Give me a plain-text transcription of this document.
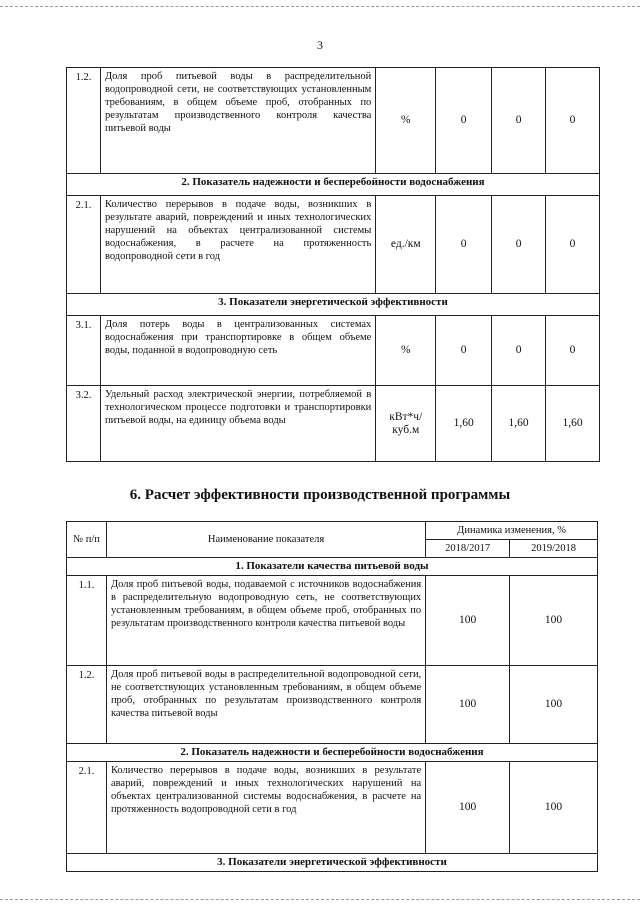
3
1.2.	Доля проб питьевой воды в распределительной водопроводной сети, не соответствующих установленным требованиям, в общем объеме проб, отобранных по результатам производственного контроля качества питьевой воды	%	0	0	0
2. Показатель надежности и бесперебойности водоснабжения					
2.1.	Количество перерывов в подаче воды, возникших в результате аварий, повреждений и иных технологических нарушений на объектах централизованной системы водоснабжения, в расчете на протяженность водопроводной сети в год	ед./км	0	0	0
3. Показатели энергетической эффективности					
3.1.	Доля потерь воды в централизованных системах водоснабжения при транспортировке в общем объеме воды, поданной в водопроводную сеть	%	0	0	0
3.2.	Удельный расход электрической энергии, потребляемой в технологическом процессе подготовки и транспортировки питьевой воды, на единицу объема воды	кВт*ч/ куб.м	1,60	1,60	1,60
6. Расчет эффективности производственной программы
№ п/п	Наименование показателя	Динамика изменения, %	
		2018/2017	2019/2018
1. Показатели качества питьевой воды			
1.1.	Доля проб питьевой воды, подаваемой с источников водоснабжения в распределительную водопроводную сеть, не соответствующих установленным требованиям, в общем объеме проб, отобранных по результатам производственного контроля качества питьевой воды	100	100
1.2.	Доля проб питьевой воды в распределительной водопроводной сети, не соответствующих установленным требованиям, в общем объеме проб, отобранных по результатам производственного контроля качества питьевой воды	100	100
2. Показатель надежности и бесперебойности водоснабжения			
2.1.	Количество перерывов в подаче воды, возникших в результате аварий, повреждений и иных технологических нарушений на объектах централизованной системы водоснабжения, в расчете на протяженность водопроводной сети в год	100	100
3. Показатели энергетической эффективности			
